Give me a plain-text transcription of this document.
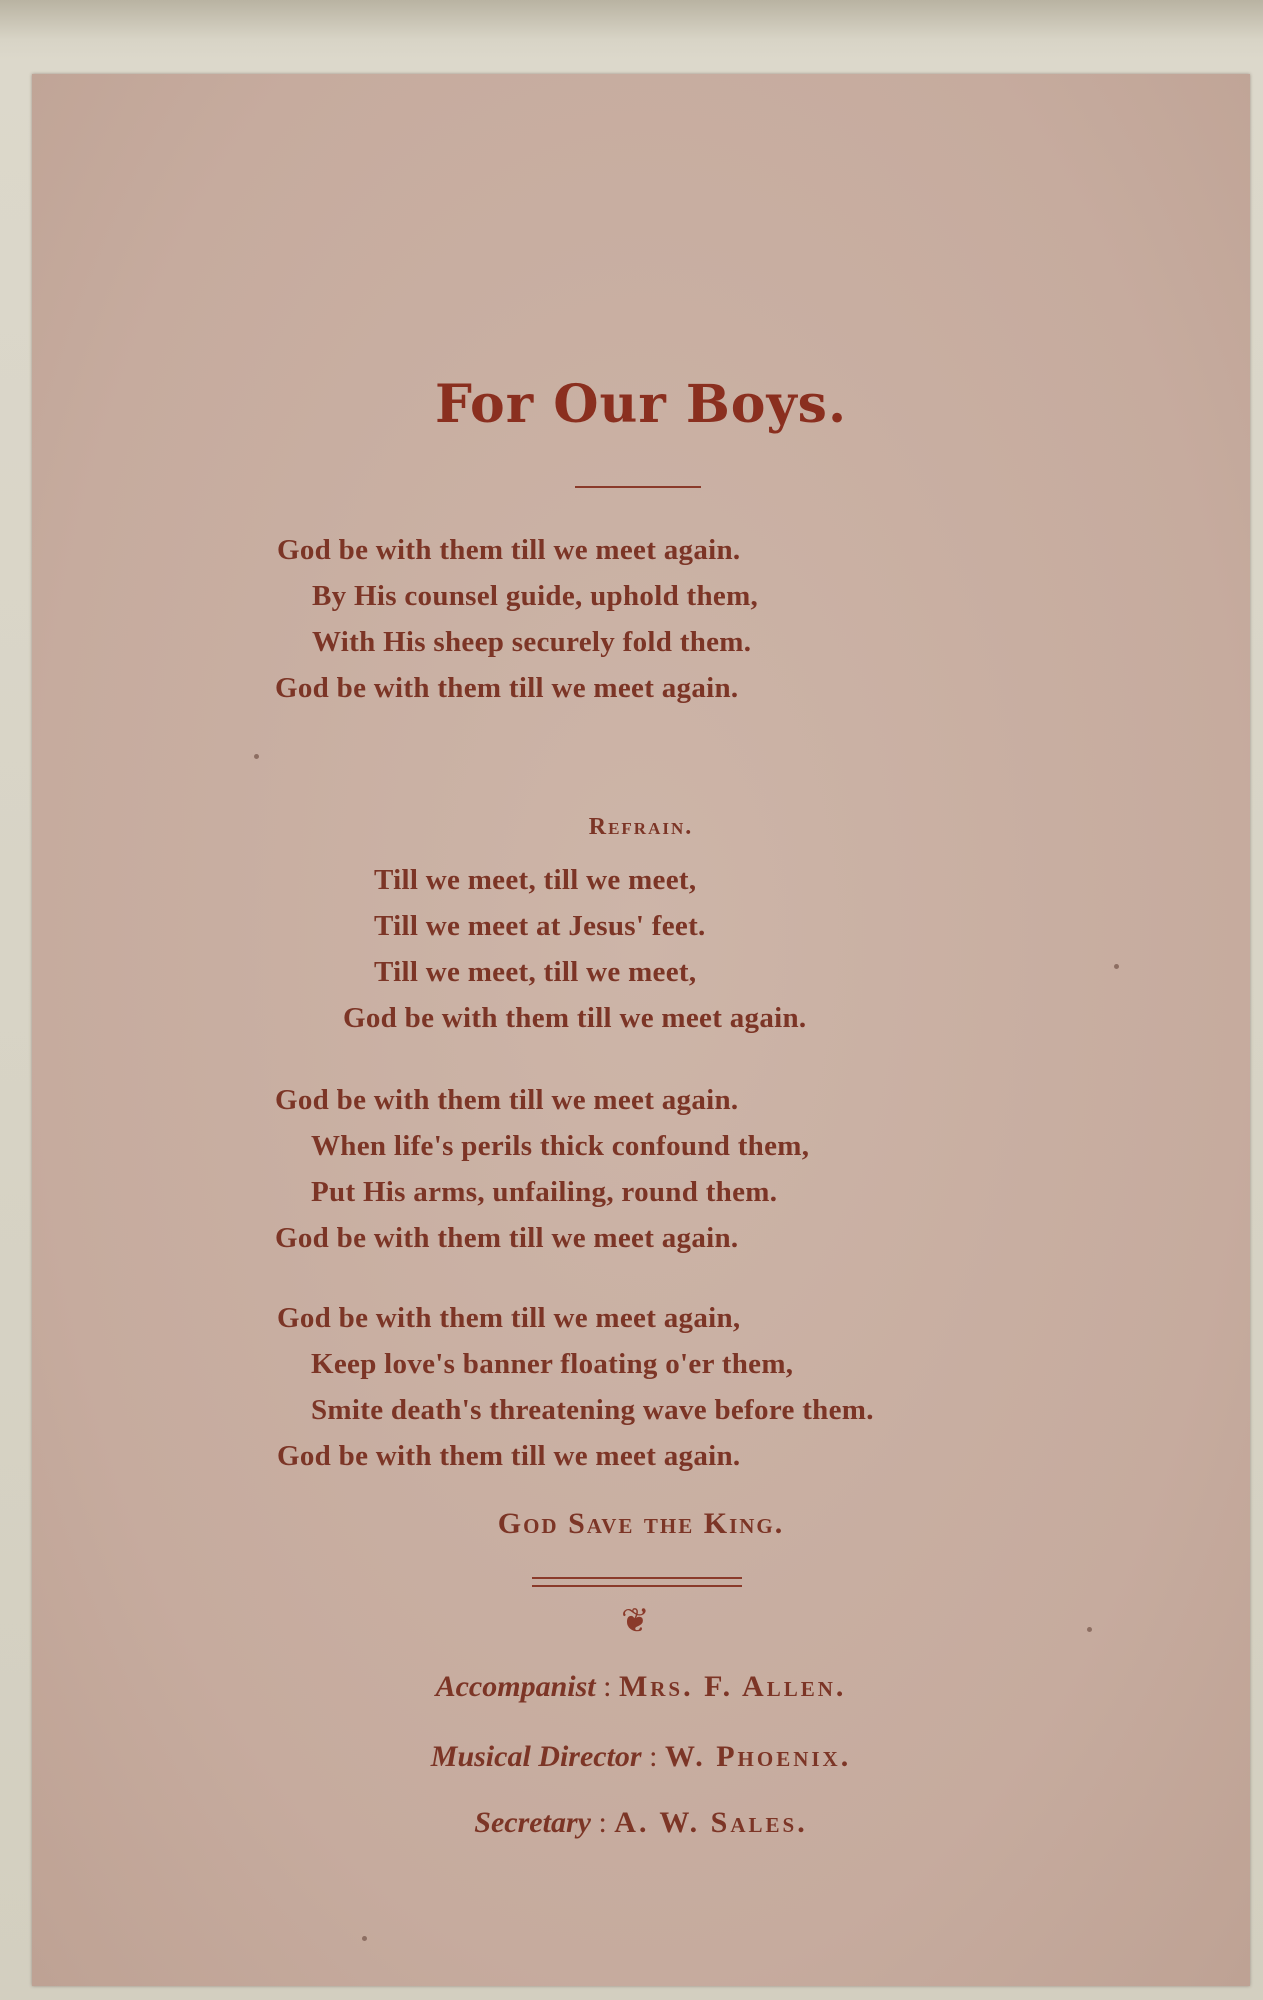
For Our Boys.
God be with them till we meet again.
By His counsel guide, uphold them,
With His sheep securely fold them.
God be with them till we meet again.
Refrain.
Till we meet, till we meet,
Till we meet at Jesus' feet.
Till we meet, till we meet,
God be with them till we meet again.
God be with them till we meet again.
When life's perils thick confound them,
Put His arms, unfailing, round them.
God be with them till we meet again.
God be with them till we meet again,
Keep love's banner floating o'er them,
Smite death's threatening wave before them.
God be with them till we meet again.
God Save the King.
❦
Accompanist : Mrs. F. Allen.
Musical Director : W. Phoenix.
Secretary : A. W. Sales.
